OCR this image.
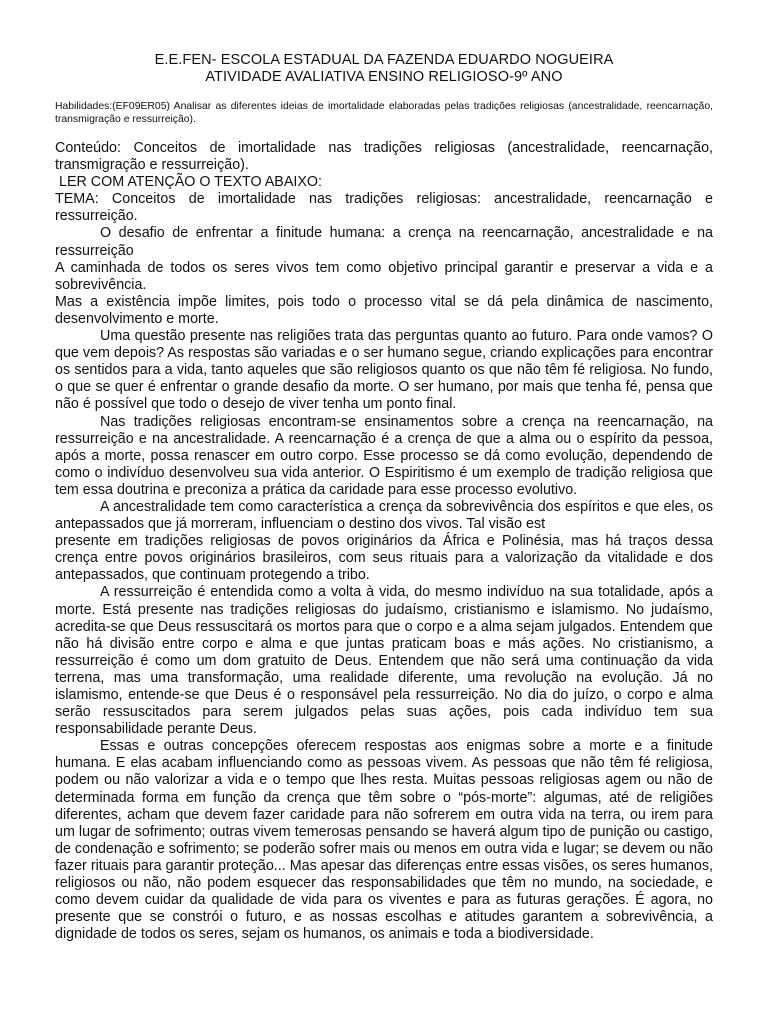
E.E.FEN- ESCOLA ESTADUAL DA FAZENDA EDUARDO NOGUEIRA
ATIVIDADE AVALIATIVA ENSINO RELIGIOSO-9º ANO
Habilidades:(EF09ER05) Analisar as diferentes ideias de imortalidade elaboradas pelas tradições religiosas (ancestralidade, reencarnação, transmigração e ressurreição).

Conteúdo: Conceitos de imortalidade nas tradições religiosas (ancestralidade, reencarnação, transmigração e ressurreição).

LER COM ATENÇÃO O TEXTO ABAIXO:

TEMA: Conceitos de imortalidade nas tradições religiosas: ancestralidade, reencarnação e ressurreição.

O desafio de enfrentar a finitude humana: a crença na reencarnação, ancestralidade e na ressurreição

A caminhada de todos os seres vivos tem como objetivo principal garantir e preservar a vida e a sobrevivência.

Mas a existência impõe limites, pois todo o processo vital se dá pela dinâmica de nascimento, desenvolvimento e morte.

Uma questão presente nas religiões trata das perguntas quanto ao futuro. Para onde vamos? O que vem depois? As respostas são variadas e o ser humano segue, criando explicações para encontrar os sentidos para a vida, tanto aqueles que são religiosos quanto os que não têm fé religiosa. No fundo, o que se quer é enfrentar o grande desafio da morte. O ser humano, por mais que tenha fé, pensa que não é possível que todo o desejo de viver tenha um ponto final.

Nas tradições religiosas encontram-se ensinamentos sobre a crença na reencarnação, na ressurreição e na ancestralidade. A reencarnação é a crença de que a alma ou o espírito da pessoa, após a morte, possa renascer em outro corpo. Esse processo se dá como evolução, dependendo de como o indivíduo desenvolveu sua vida anterior. O Espiritismo é um exemplo de tradição religiosa que tem essa doutrina e preconiza a prática da caridade para esse processo evolutivo.

A ancestralidade tem como característica a crença da sobrevivência dos espíritos e que eles, os antepassados que já morreram, influenciam o destino dos vivos. Tal visão est

presente em tradições religiosas de povos originários da África e Polinésia, mas há traços dessa crença entre povos originários brasileiros, com seus rituais para a valorização da vitalidade e dos antepassados, que continuam protegendo a tribo.

A ressurreição é entendida como a volta à vida, do mesmo indivíduo na sua totalidade, após a morte. Está presente nas tradições religiosas do judaísmo, cristianismo e islamismo. No judaísmo, acredita-se que Deus ressuscitará os mortos para que o corpo e a alma sejam julgados. Entendem que não há divisão entre corpo e alma e que juntas praticam boas e más ações. No cristianismo, a ressurreição é como um dom gratuito de Deus. Entendem que não será uma continuação da vida terrena, mas uma transformação, uma realidade diferente, uma revolução na evolução. Já no islamismo, entende-se que Deus é o responsável pela ressurreição. No dia do juízo, o corpo e alma serão ressuscitados para serem julgados pelas suas ações, pois cada indivíduo tem sua responsabilidade perante Deus.

Essas e outras concepções oferecem respostas aos enigmas sobre a morte e a finitude humana. E elas acabam influenciando como as pessoas vivem. As pessoas que não têm fé religiosa, podem ou não valorizar a vida e o tempo que lhes resta. Muitas pessoas religiosas agem ou não de determinada forma em função da crença que têm sobre o “pós-morte”: algumas, até de religiões diferentes, acham que devem fazer caridade para não sofrerem em outra vida na terra, ou irem para um lugar de sofrimento; outras vivem temerosas pensando se haverá algum tipo de punição ou castigo, de condenação e sofrimento; se poderão sofrer mais ou menos em outra vida e lugar; se devem ou não fazer rituais para garantir proteção... Mas apesar das diferenças entre essas visões, os seres humanos, religiosos ou não, não podem esquecer das responsabilidades que têm no mundo, na sociedade, e como devem cuidar da qualidade de vida para os viventes e para as futuras gerações. É agora, no presente que se constrói o futuro, e as nossas escolhas e atitudes garantem a sobrevivência, a dignidade de todos os seres, sejam os humanos, os animais e toda a biodiversidade.
